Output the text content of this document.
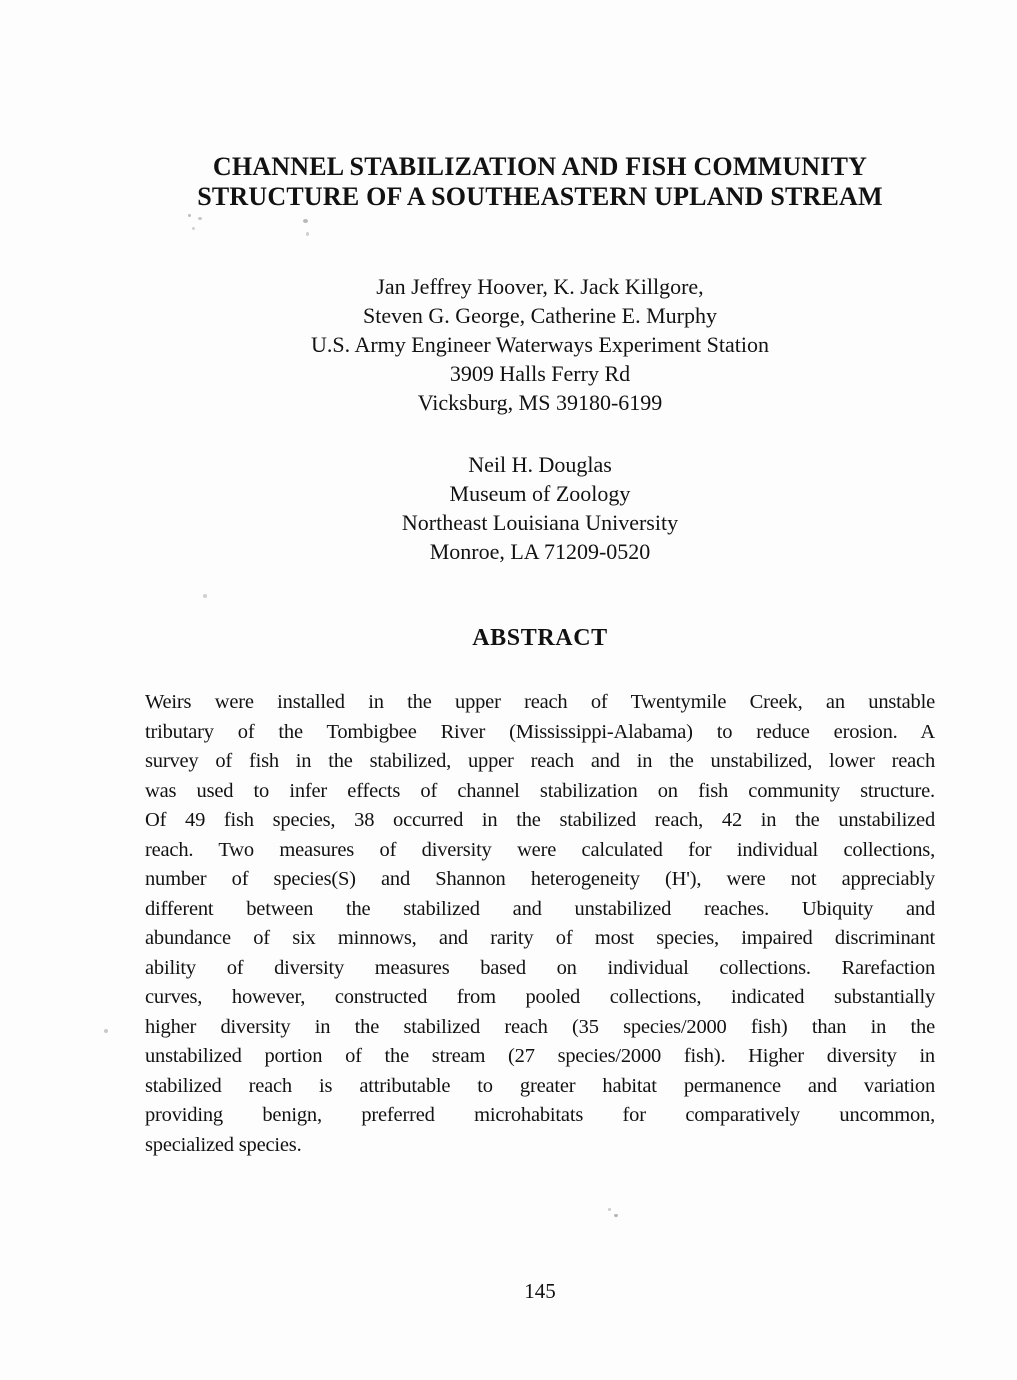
CHANNEL STABILIZATION AND FISH COMMUNITY
STRUCTURE OF A SOUTHEASTERN UPLAND STREAM
Jan Jeffrey Hoover, K. Jack Killgore,
Steven G. George, Catherine E. Murphy
U.S. Army Engineer Waterways Experiment Station
3909 Halls Ferry Rd
Vicksburg, MS 39180-6199
Neil H. Douglas
Museum of Zoology
Northeast Louisiana University
Monroe, LA 71209-0520
ABSTRACT
Weirs were installed in the upper reach of Twentymile Creek, an unstable
tributary of the Tombigbee River (Mississippi-Alabama) to reduce erosion. A
survey of fish in the stabilized, upper reach and in the unstabilized, lower reach
was used to infer effects of channel stabilization on fish community structure.
Of 49 fish species, 38 occurred in the stabilized reach, 42 in the unstabilized
reach. Two measures of diversity were calculated for individual collections,
number of species(S) and Shannon heterogeneity (H'), were not appreciably
different between the stabilized and unstabilized reaches. Ubiquity and
abundance of six minnows, and rarity of most species, impaired discriminant
ability of diversity measures based on individual collections. Rarefaction
curves, however, constructed from pooled collections, indicated substantially
higher diversity in the stabilized reach (35 species/2000 fish) than in the
unstabilized portion of the stream (27 species/2000 fish). Higher diversity in
stabilized reach is attributable to greater habitat permanence and variation
providing benign, preferred microhabitats for comparatively uncommon,
specialized species.
145
